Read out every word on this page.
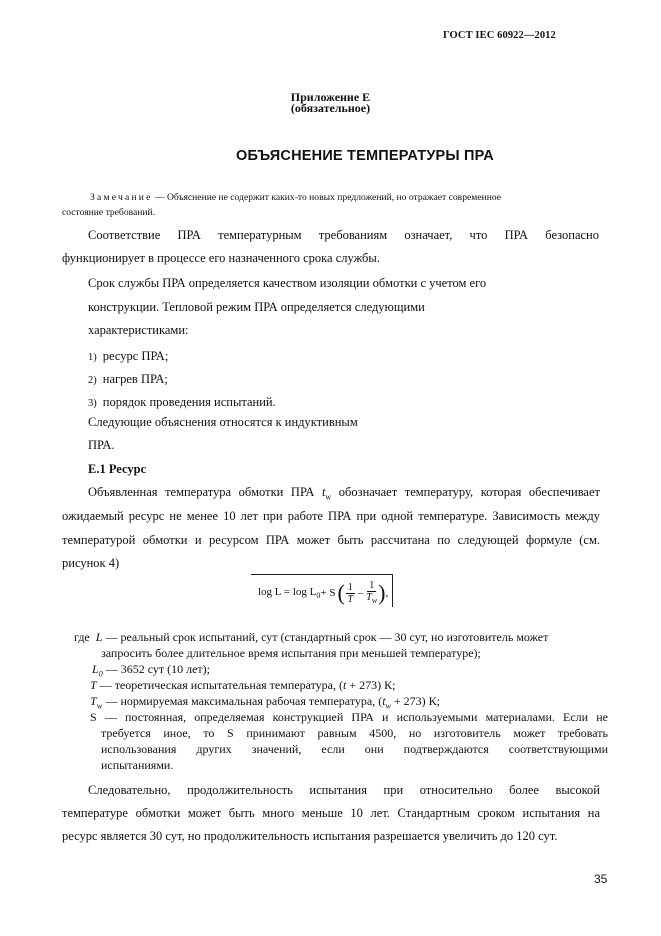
ГОСТ IEC 60922—2012
Приложение Е
(обязательное)
ОБЪЯСНЕНИЕ ТЕМПЕРАТУРЫ ПРА
Замечание — Объяснение не содержит каких-то новых предложений, но отражает современное
состояние требований.
Соответствие ПРА температурным требованиям означает, что ПРА безопасно
функционирует в процессе его назначенного срока службы.
Срок службы ПРА определяется качеством изоляции обмотки с учетом его
конструкции. Тепловой режим ПРА определяется следующими
характеристиками:
1) ресурс ПРА;
2) нагрев ПРА;
3) порядок проведения испытаний.
Следующие объяснения относятся к индуктивным
ПРА.
Е.1 Ресурс
Объявленная температура обмотки ПРА $t_w$ обозначает температуру, которая обеспечивает
ожидаемый ресурс не менее 10 лет при работе ПРА при одной температуре. Зависимость между
температурой обмотки и ресурсом ПРА может быть рассчитана по следующей формуле (см.
рисунок 4)
$\log L = \log L_0 + S$ ( $\frac{1}{T} - \frac{1}{T_w}$ ) ,
где L — реальный срок испытаний, сут (стандартный срок — 30 сут, но изготовитель может
запросить более длительное время испытания при меньшей температуре);
$L_0$ — 3652 сут (10 лет);
T — теоретическая испытательная температура, (t + 273) К;
$T_w$ — нормируемая максимальная рабочая температура, $(t_w + 273)$ К;
S — постоянная, определяемая конструкцией ПРА и используемыми материалами. Если не
требуется иное, то S принимают равным 4500, но изготовитель может требовать
использования других значений, если они подтверждаются соответствующими
испытаниями.
Следовательно, продолжительность испытания при относительно более высокой
температуре обмотки может быть много меньше 10 лет. Стандартным сроком испытания на
ресурс является 30 сут, но продолжительность испытания разрешается увеличить до 120 сут.
35
